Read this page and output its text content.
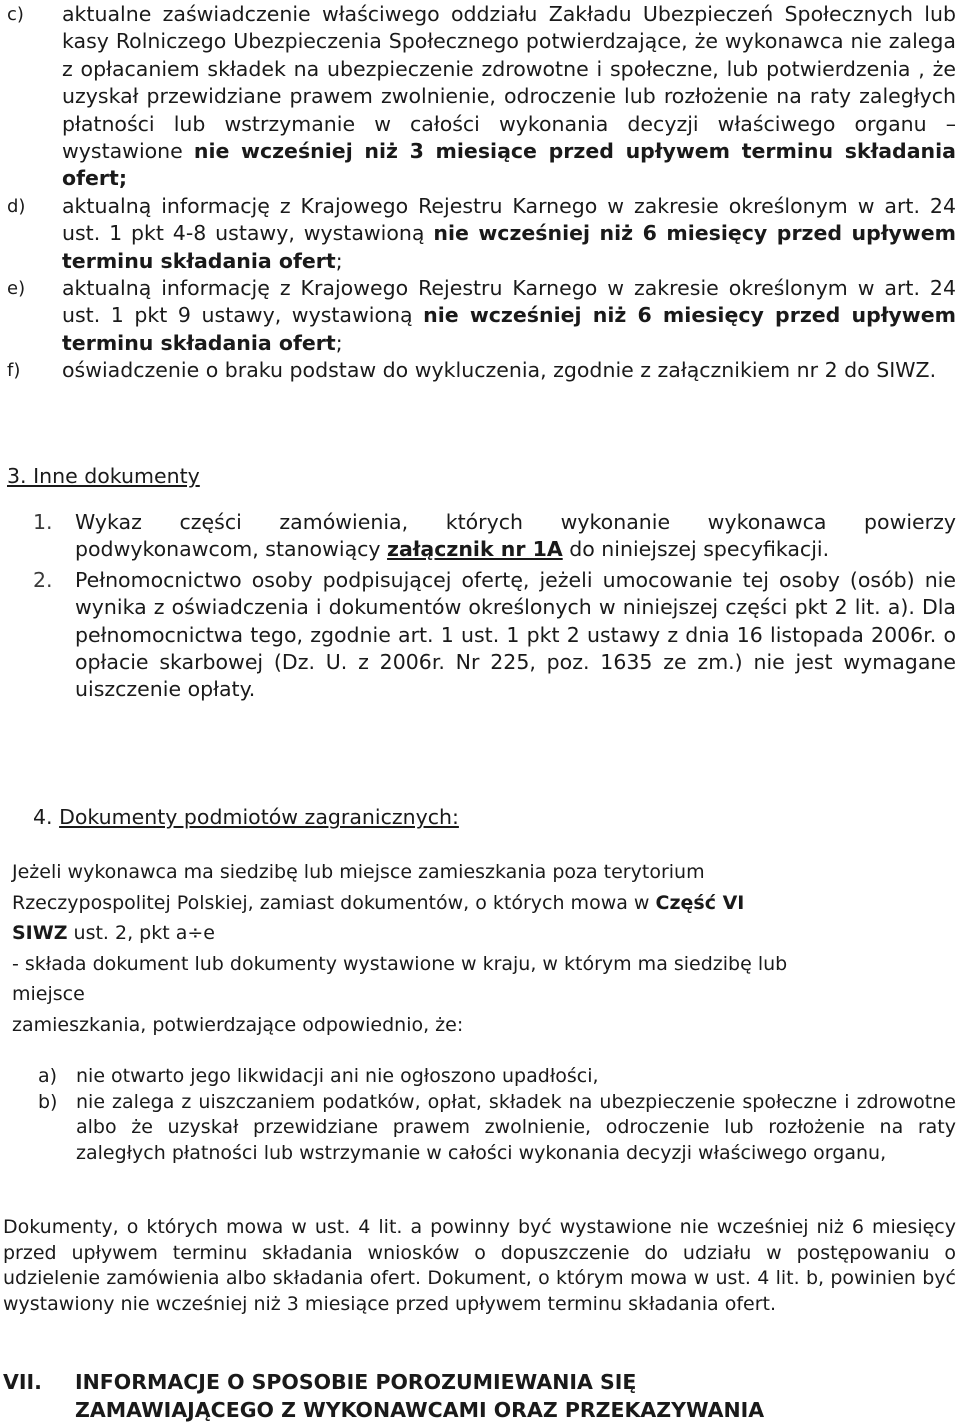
c) aktualne zaświadczenie właściwego oddziału Zakładu Ubezpieczeń Społecznych lub kasy Rolniczego Ubezpieczenia Społecznego potwierdzające, że wykonawca nie zalega z opłacaniem składek na ubezpieczenie zdrowotne i społeczne, lub potwierdzenia , że uzyskał przewidziane prawem zwolnienie, odroczenie lub rozłożenie na raty zaległych płatności lub wstrzymanie w całości wykonania decyzji właściwego organu – wystawione nie wcześniej niż 3 miesiące przed upływem terminu składania ofert;
d) aktualną informację z Krajowego Rejestru Karnego w zakresie określonym w art. 24 ust. 1 pkt 4-8 ustawy, wystawioną nie wcześniej niż 6 miesięcy przed upływem terminu składania ofert;
e) aktualną informację z Krajowego Rejestru Karnego w zakresie określonym w art. 24 ust. 1 pkt 9 ustawy, wystawioną nie wcześniej niż 6 miesięcy przed upływem terminu składania ofert;
f) oświadczenie o braku podstaw do wykluczenia, zgodnie z załącznikiem nr 2 do SIWZ.
3. Inne dokumenty
1. Wykaz części zamówienia, których wykonanie wykonawca powierzy podwykonawcom, stanowiący załącznik nr 1A do niniejszej specyfikacji.
2. Pełnomocnictwo osoby podpisującej ofertę, jeżeli umocowanie tej osoby (osób) nie wynika z oświadczenia i dokumentów określonych w niniejszej części pkt 2 lit. a). Dla pełnomocnictwa tego, zgodnie art. 1 ust. 1 pkt 2 ustawy z dnia 16 listopada 2006r. o opłacie skarbowej (Dz. U. z 2006r. Nr 225, poz. 1635 ze zm.) nie jest wymagane uiszczenie opłaty.
4. Dokumenty podmiotów zagranicznych:
Jeżeli wykonawca ma siedzibę lub miejsce zamieszkania poza terytorium
Rzeczypospolitej Polskiej, zamiast dokumentów, o których mowa w Część VI
SIWZ ust. 2, pkt a÷e
- składa dokument lub dokumenty wystawione w kraju, w którym ma siedzibę lub
miejsce
zamieszkania, potwierdzające odpowiednio, że:
a) nie otwarto jego likwidacji ani nie ogłoszono upadłości,
b) nie zalega z uiszczaniem podatków, opłat, składek na ubezpieczenie społeczne i zdrowotne albo że uzyskał przewidziane prawem zwolnienie, odroczenie lub rozłożenie na raty zaległych płatności lub wstrzymanie w całości wykonania decyzji właściwego organu,
Dokumenty, o których mowa w ust. 4 lit. a powinny być wystawione nie wcześniej niż 6 miesięcy przed upływem terminu składania wniosków o dopuszczenie do udziału w postępowaniu o udzielenie zamówienia albo składania ofert. Dokument, o którym mowa w ust. 4 lit. b, powinien być wystawiony nie wcześniej niż 3 miesiące przed upływem terminu składania ofert.
VII. INFORMACJE O SPOSOBIE POROZUMIEWANIA SIĘ
ZAMAWIAJĄCEGO Z WYKONAWCAMI ORAZ PRZEKAZYWANIA
